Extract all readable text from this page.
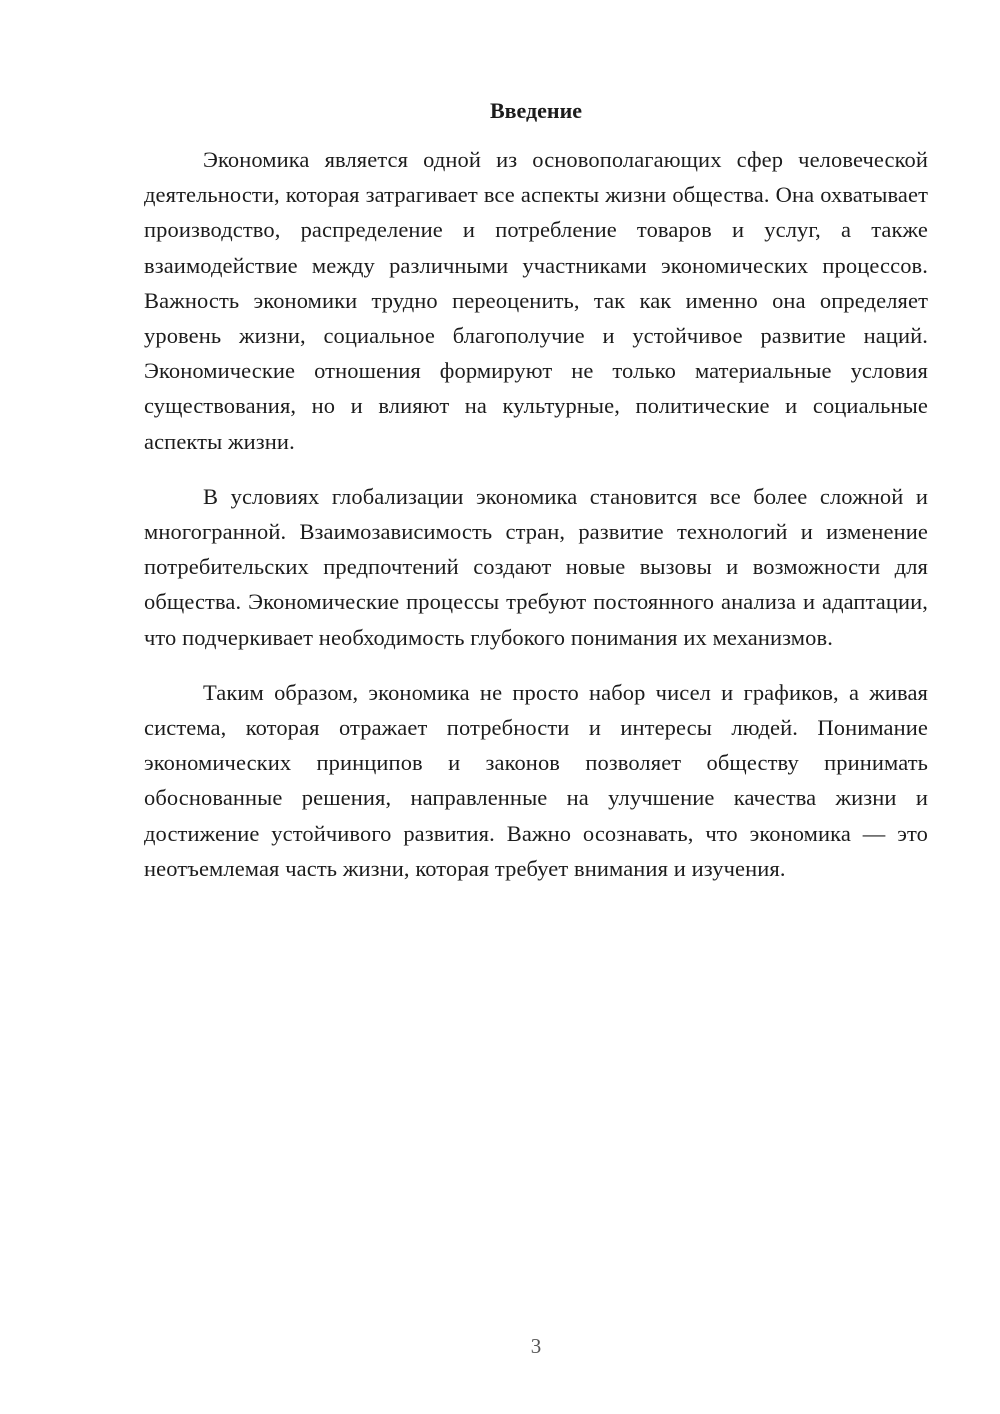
Введение

Экономика является одной из основополагающих сфер человеческой деятельности, которая затрагивает все аспекты жизни общества. Она охватывает производство, распределение и потребление товаров и услуг, а также взаимодействие между различными участниками экономических процессов. Важность экономики трудно переоценить, так как именно она определяет уровень жизни, социальное благополучие и устойчивое развитие наций. Экономические отношения формируют не только материальные условия существования, но и влияют на культурные, политические и социальные аспекты жизни.

В условиях глобализации экономика становится все более сложной и многогранной. Взаимозависимость стран, развитие технологий и изменение потребительских предпочтений создают новые вызовы и возможности для общества. Экономические процессы требуют постоянного анализа и адаптации, что подчеркивает необходимость глубокого понимания их механизмов.

Таким образом, экономика не просто набор чисел и графиков, а живая система, которая отражает потребности и интересы людей. Понимание экономических принципов и законов позволяет обществу принимать обоснованные решения, направленные на улучшение качества жизни и достижение устойчивого развития. Важно осознавать, что экономика — это неотъемлемая часть жизни, которая требует внимания и изучения.

3
